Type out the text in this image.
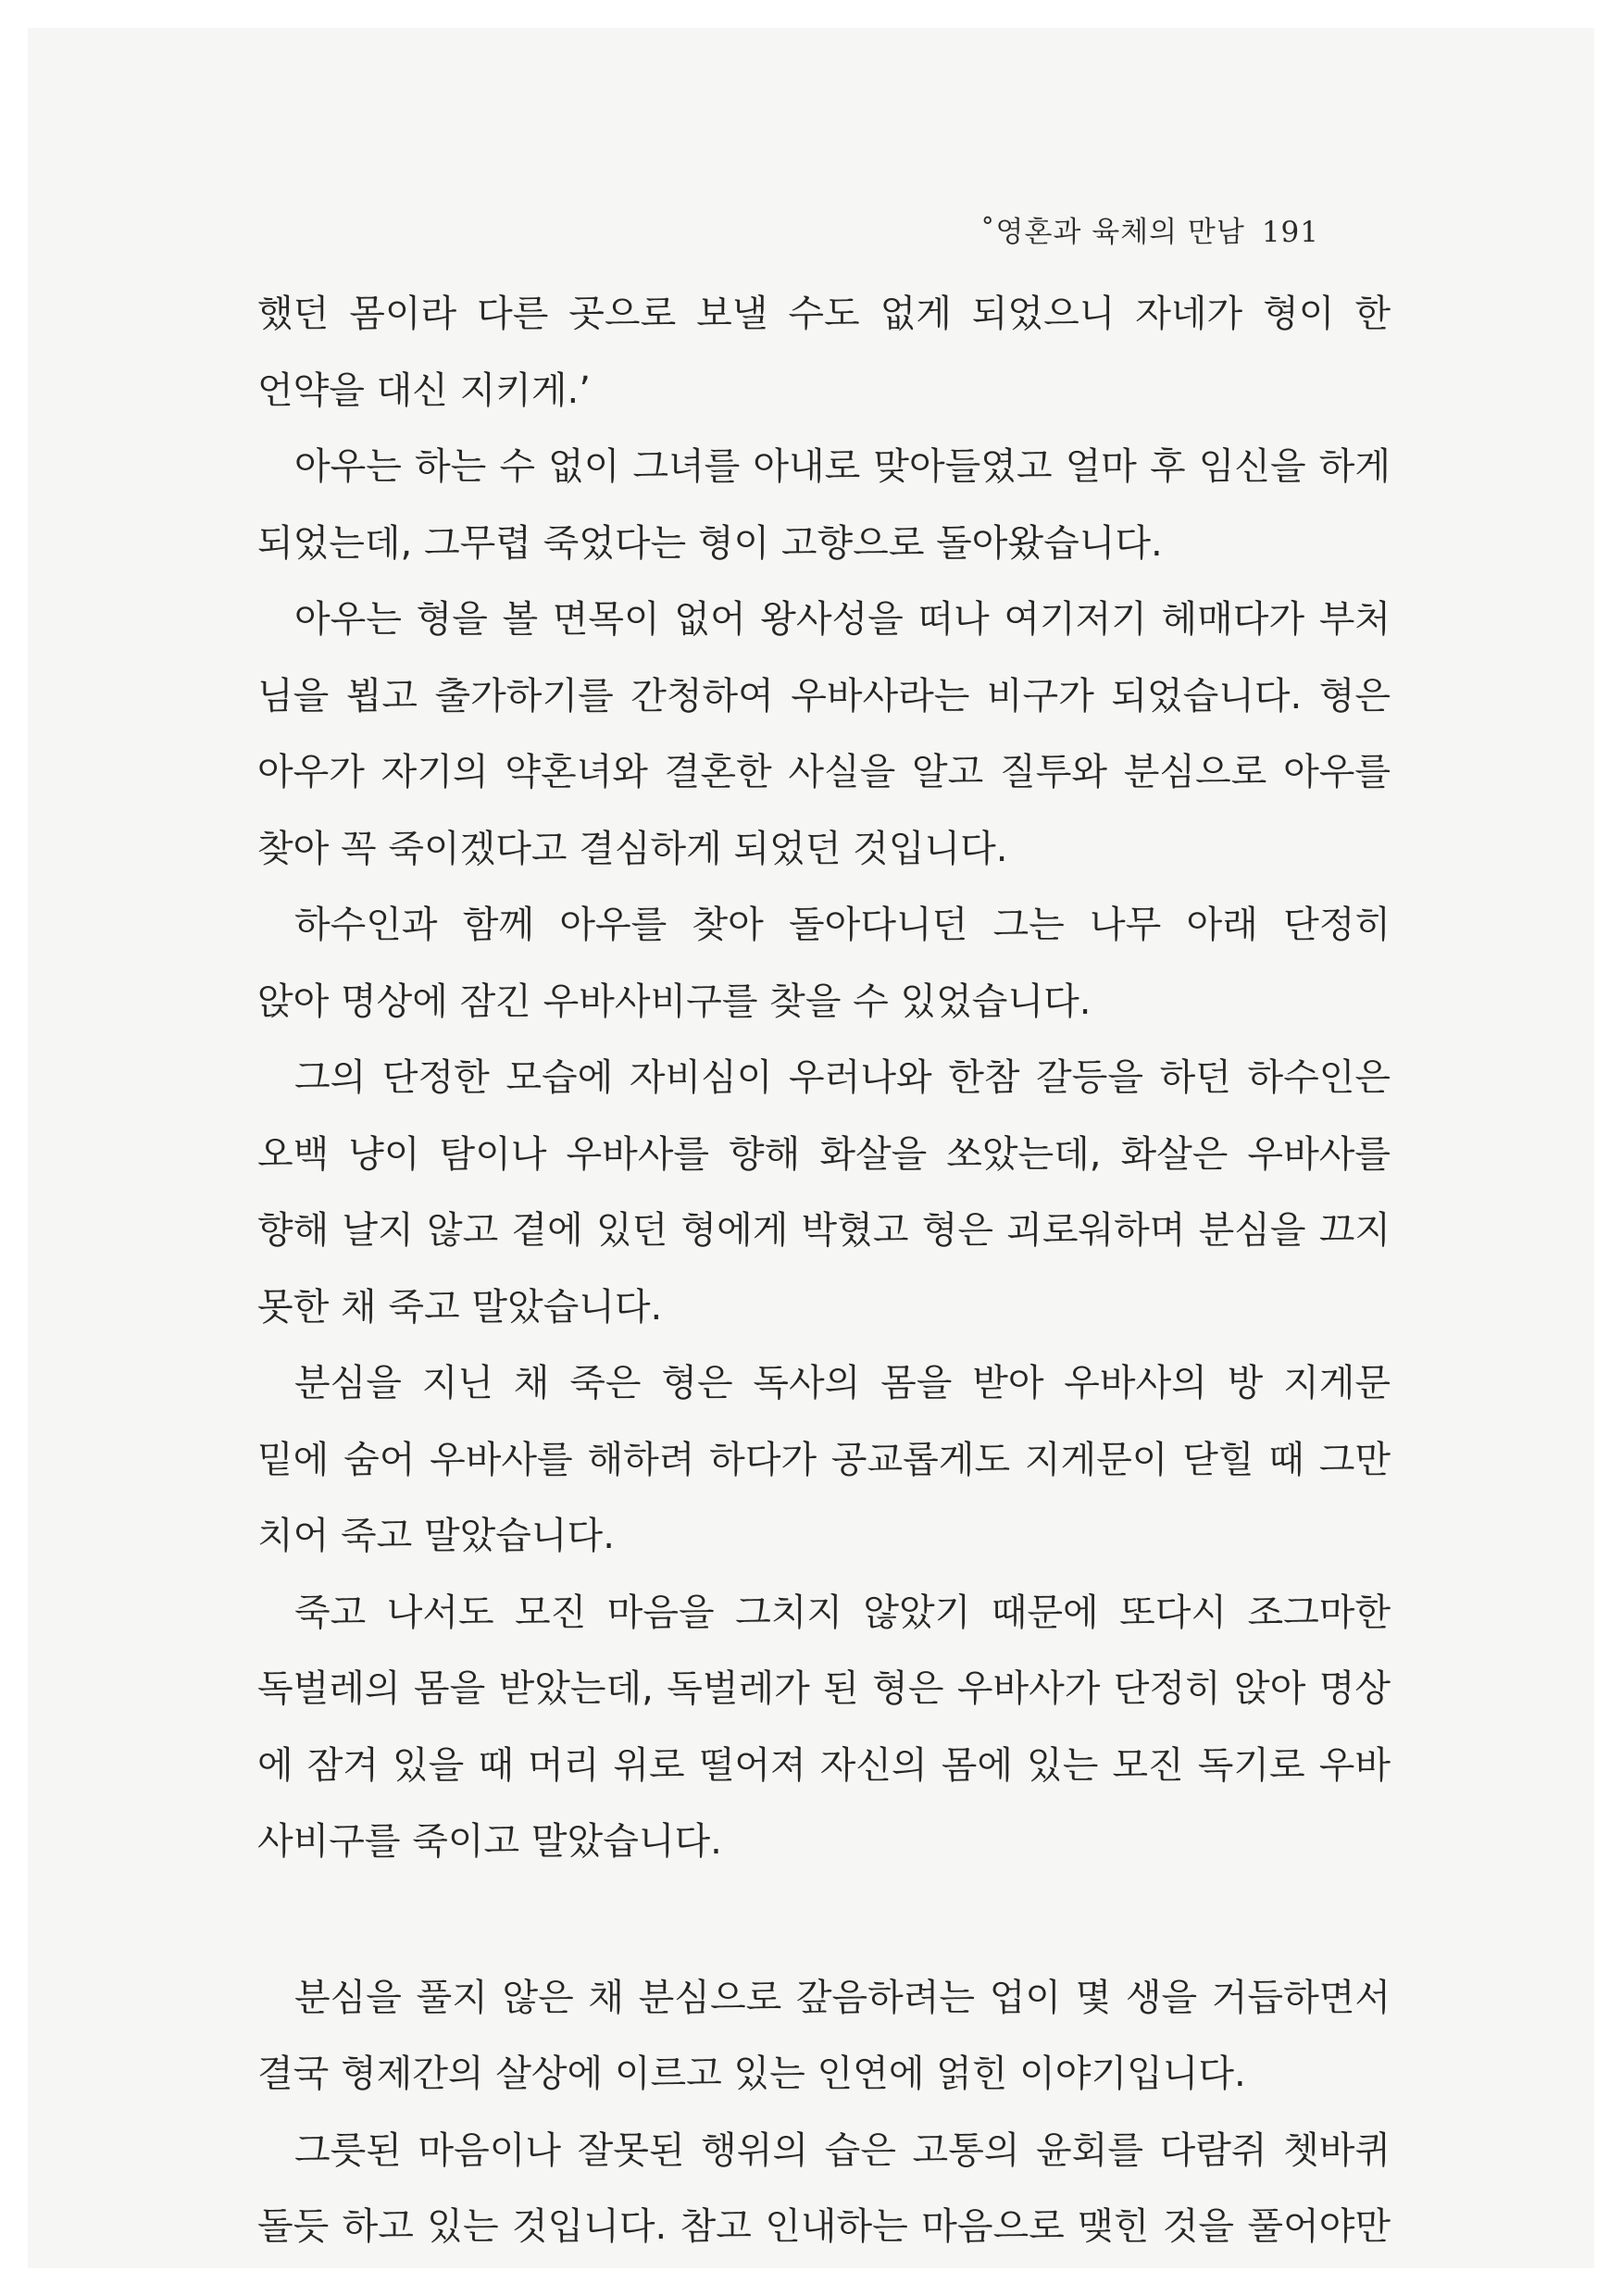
˚영혼과 육체의 만남 191
했던 몸이라 다른 곳으로 보낼 수도 없게 되었으니 자네가 형이 한
언약을 대신 지키게.’
아우는 하는 수 없이 그녀를 아내로 맞아들였고 얼마 후 임신을 하게
되었는데, 그무렵 죽었다는 형이 고향으로 돌아왔습니다.
아우는 형을 볼 면목이 없어 왕사성을 떠나 여기저기 헤매다가 부처
님을 뵙고 출가하기를 간청하여 우바사라는 비구가 되었습니다. 형은
아우가 자기의 약혼녀와 결혼한 사실을 알고 질투와 분심으로 아우를
찾아 꼭 죽이겠다고 결심하게 되었던 것입니다.
하수인과 함께 아우를 찾아 돌아다니던 그는 나무 아래 단정히
앉아 명상에 잠긴 우바사비구를 찾을 수 있었습니다.
그의 단정한 모습에 자비심이 우러나와 한참 갈등을 하던 하수인은
오백 냥이 탐이나 우바사를 향해 화살을 쏘았는데, 화살은 우바사를
향해 날지 않고 곁에 있던 형에게 박혔고 형은 괴로워하며 분심을 끄지
못한 채 죽고 말았습니다.
분심을 지닌 채 죽은 형은 독사의 몸을 받아 우바사의 방 지게문
밑에 숨어 우바사를 해하려 하다가 공교롭게도 지게문이 닫힐 때 그만
치어 죽고 말았습니다.
죽고 나서도 모진 마음을 그치지 않았기 때문에 또다시 조그마한
독벌레의 몸을 받았는데, 독벌레가 된 형은 우바사가 단정히 앉아 명상
에 잠겨 있을 때 머리 위로 떨어져 자신의 몸에 있는 모진 독기로 우바
사비구를 죽이고 말았습니다.
분심을 풀지 않은 채 분심으로 갚음하려는 업이 몇 생을 거듭하면서
결국 형제간의 살상에 이르고 있는 인연에 얽힌 이야기입니다.
그릇된 마음이나 잘못된 행위의 습은 고통의 윤회를 다람쥐 쳇바퀴
돌듯 하고 있는 것입니다. 참고 인내하는 마음으로 맺힌 것을 풀어야만
